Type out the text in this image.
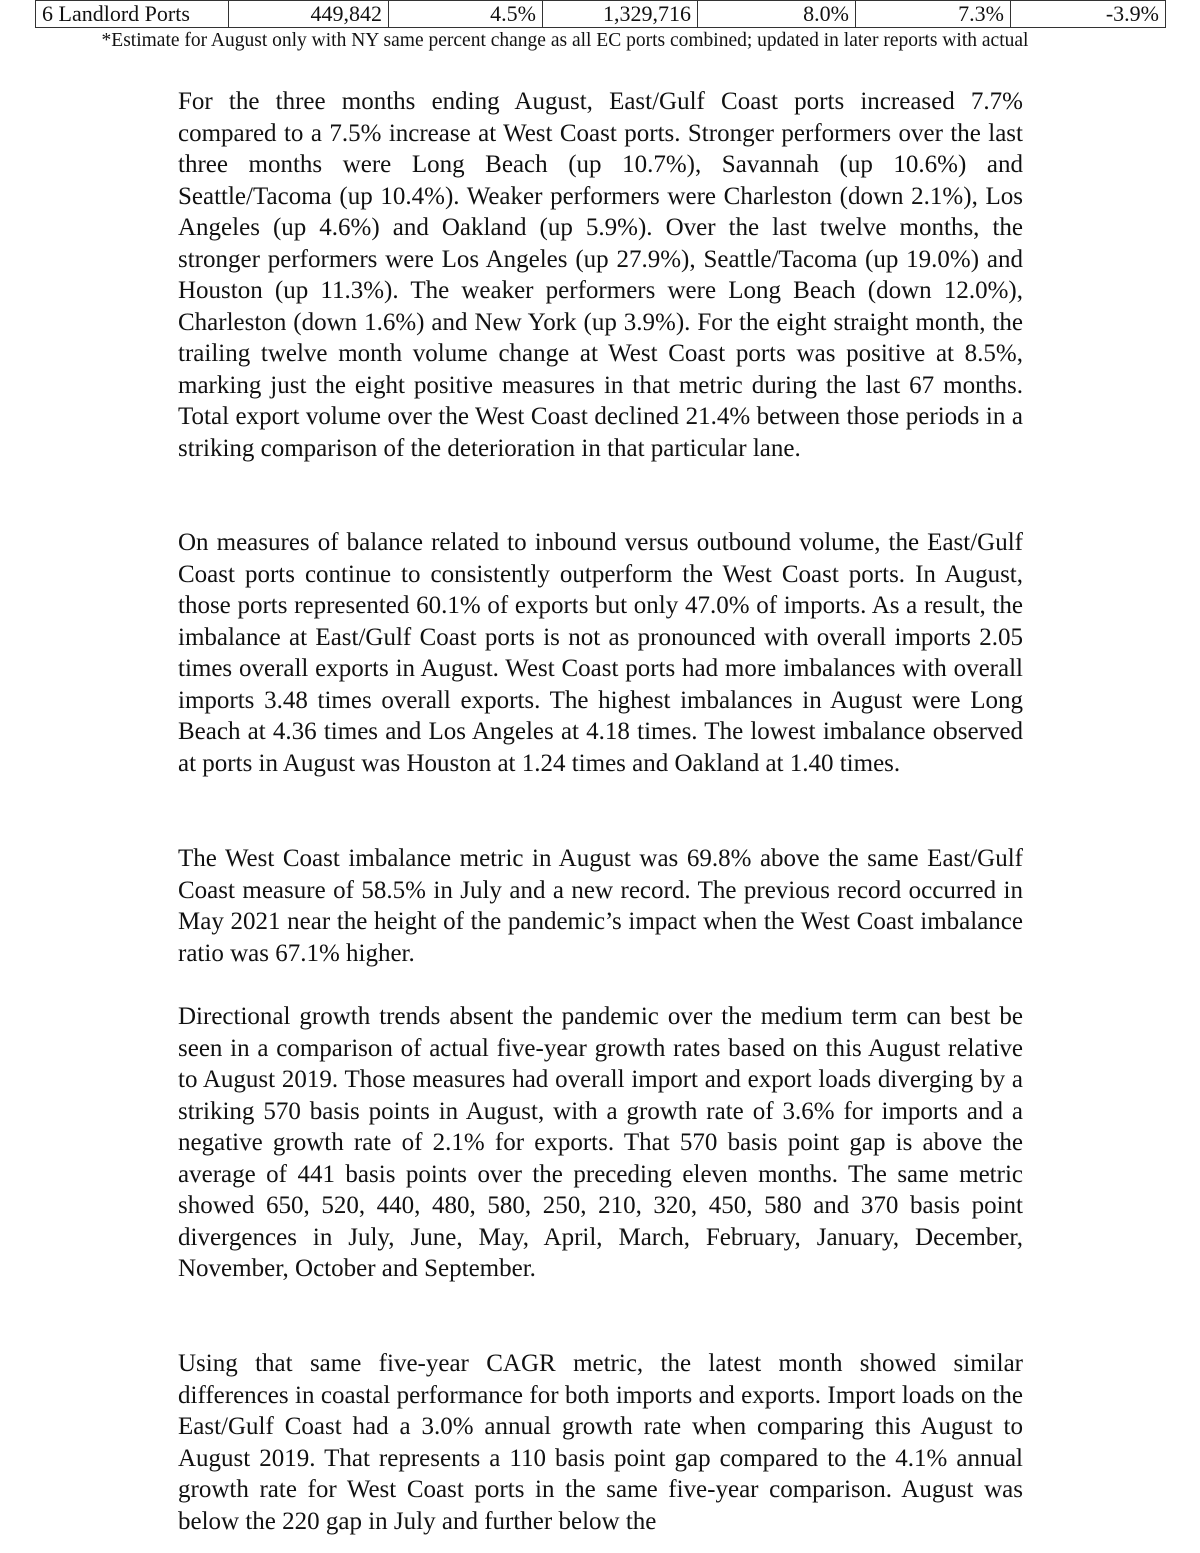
6 Landlord Ports	449,842	4.5%	1,329,716	8.0%	7.3%	-3.9%
*Estimate for August only with NY same percent change as all EC ports combined; updated in later reports with actual

For the three months ending August, East/Gulf Coast ports increased 7.7% compared to a 7.5% increase at West Coast ports. Stronger performers over the last three months were Long Beach (up 10.7%), Savannah (up 10.6%) and Seattle/Tacoma (up 10.4%). Weaker performers were Charleston (down 2.1%), Los Angeles (up 4.6%) and Oakland (up 5.9%). Over the last twelve months, the stronger performers were Los Angeles (up 27.9%), Seattle/Tacoma (up 19.0%) and Houston (up 11.3%). The weaker performers were Long Beach (down 12.0%), Charleston (down 1.6%) and New York (up 3.9%). For the eight straight month, the trailing twelve month volume change at West Coast ports was positive at 8.5%, marking just the eight positive measures in that metric during the last 67 months. Total export volume over the West Coast declined 21.4% between those periods in a striking comparison of the deterioration in that particular lane.

On measures of balance related to inbound versus outbound volume, the East/Gulf Coast ports continue to consistently outperform the West Coast ports. In August, those ports represented 60.1% of exports but only 47.0% of imports. As a result, the imbalance at East/Gulf Coast ports is not as pronounced with overall imports 2.05 times overall exports in August. West Coast ports had more imbalances with overall imports 3.48 times overall exports. The highest imbalances in August were Long Beach at 4.36 times and Los Angeles at 4.18 times. The lowest imbalance observed at ports in August was Houston at 1.24 times and Oakland at 1.40 times.

The West Coast imbalance metric in August was 69.8% above the same East/Gulf Coast measure of 58.5% in July and a new record. The previous record occurred in May 2021 near the height of the pandemic’s impact when the West Coast imbalance ratio was 67.1% higher.

Directional growth trends absent the pandemic over the medium term can best be seen in a comparison of actual five-year growth rates based on this August relative to August 2019. Those measures had overall import and export loads diverging by a striking 570 basis points in August, with a growth rate of 3.6% for imports and a negative growth rate of 2.1% for exports. That 570 basis point gap is above the average of 441 basis points over the preceding eleven months. The same metric showed 650, 520, 440, 480, 580, 250, 210, 320, 450, 580 and 370 basis point divergences in July, June, May, April, March, February, January, December, November, October and September.

Using that same five-year CAGR metric, the latest month showed similar differences in coastal performance for both imports and exports. Import loads on the East/Gulf Coast had a 3.0% annual growth rate when comparing this August to August 2019. That represents a 110 basis point gap compared to the 4.1% annual growth rate for West Coast ports in the same five-year comparison. August was below the 220 gap in July and further below the
